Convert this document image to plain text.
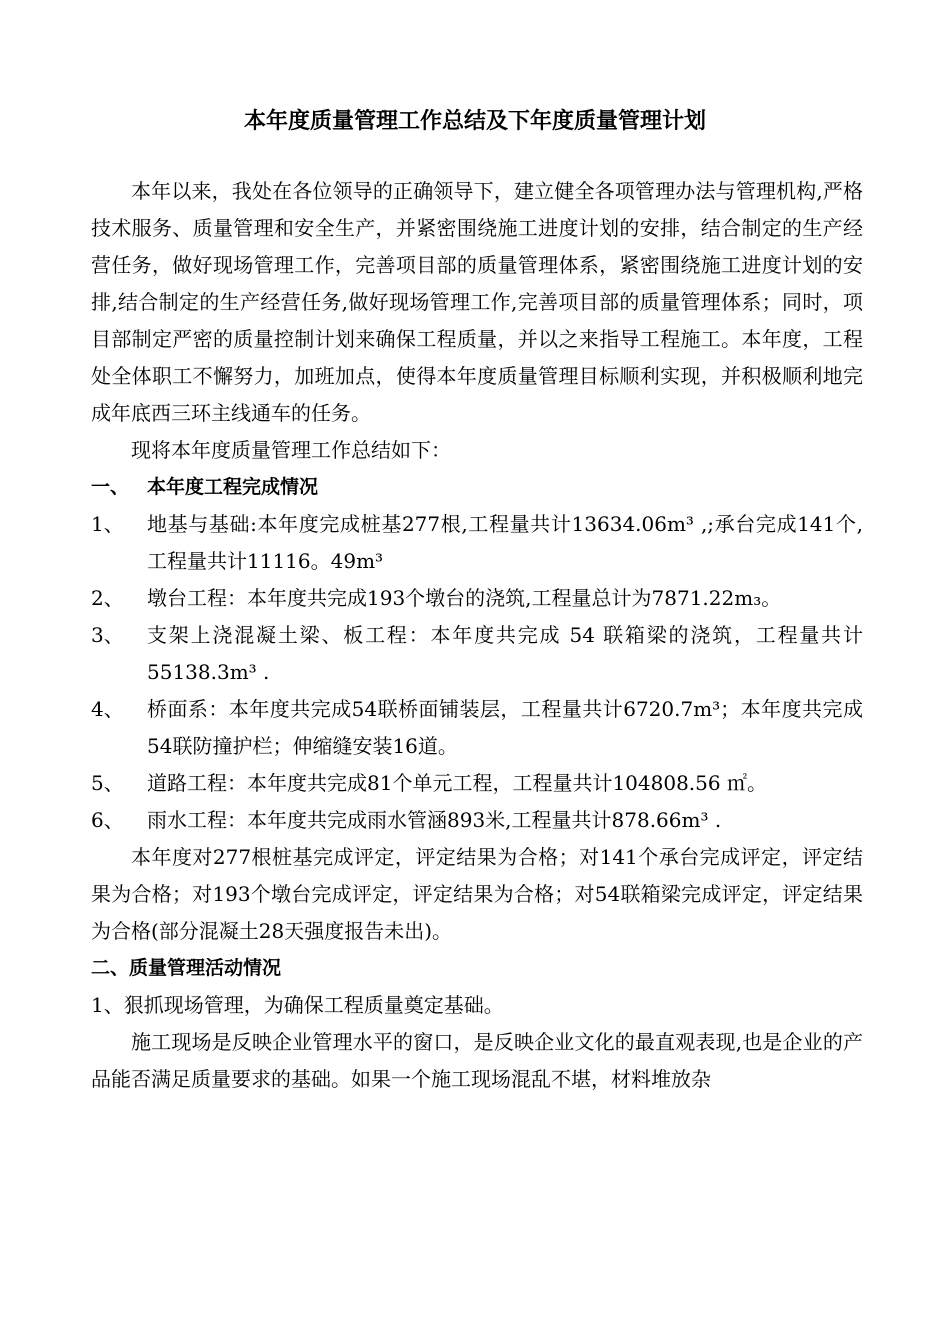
本年度质量管理工作总结及下年度质量管理计划

本年以来，我处在各位领导的正确领导下，建立健全各项管理办法与管理机构,严格技术服务、质量管理和安全生产，并紧密围绕施工进度计划的安排，结合制定的生产经营任务，做好现场管理工作，完善项目部的质量管理体系，紧密围绕施工进度计划的安排,结合制定的生产经营任务,做好现场管理工作,完善项目部的质量管理体系；同时，项目部制定严密的质量控制计划来确保工程质量，并以之来指导工程施工。本年度，工程处全体职工不懈努力，加班加点，使得本年度质量管理目标顺利实现，并积极顺利地完成年底西三环主线通车的任务。

现将本年度质量管理工作总结如下：

一、 本年度工程完成情况

1、	地基与基础:本年度完成桩基277根,工程量共计13634.06m³ ,;承台完成141个,工程量共计11116。49m³
2、	墩台工程：本年度共完成193个墩台的浇筑,工程量总计为7871.22m₃。
3、	支架上浇混凝土梁、板工程：本年度共完成 54 联箱梁的浇筑，工程量共计55138.3m³ .
4、	桥面系：本年度共完成54联桥面铺装层，工程量共计6720.7m³；本年度共完成54联防撞护栏；伸缩缝安装16道。
5、	道路工程：本年度共完成81个单元工程，工程量共计104808.56 ㎡。
6、	雨水工程：本年度共完成雨水管涵893米,工程量共计878.66m³ .

本年度对277根桩基完成评定，评定结果为合格；对141个承台完成评定，评定结果为合格；对193个墩台完成评定，评定结果为合格；对54联箱梁完成评定，评定结果为合格(部分混凝土28天强度报告未出)。

二、质量管理活动情况

1、狠抓现场管理，为确保工程质量奠定基础。

施工现场是反映企业管理水平的窗口，是反映企业文化的最直观表现,也是企业的产品能否满足质量要求的基础。如果一个施工现场混乱不堪，材料堆放杂
